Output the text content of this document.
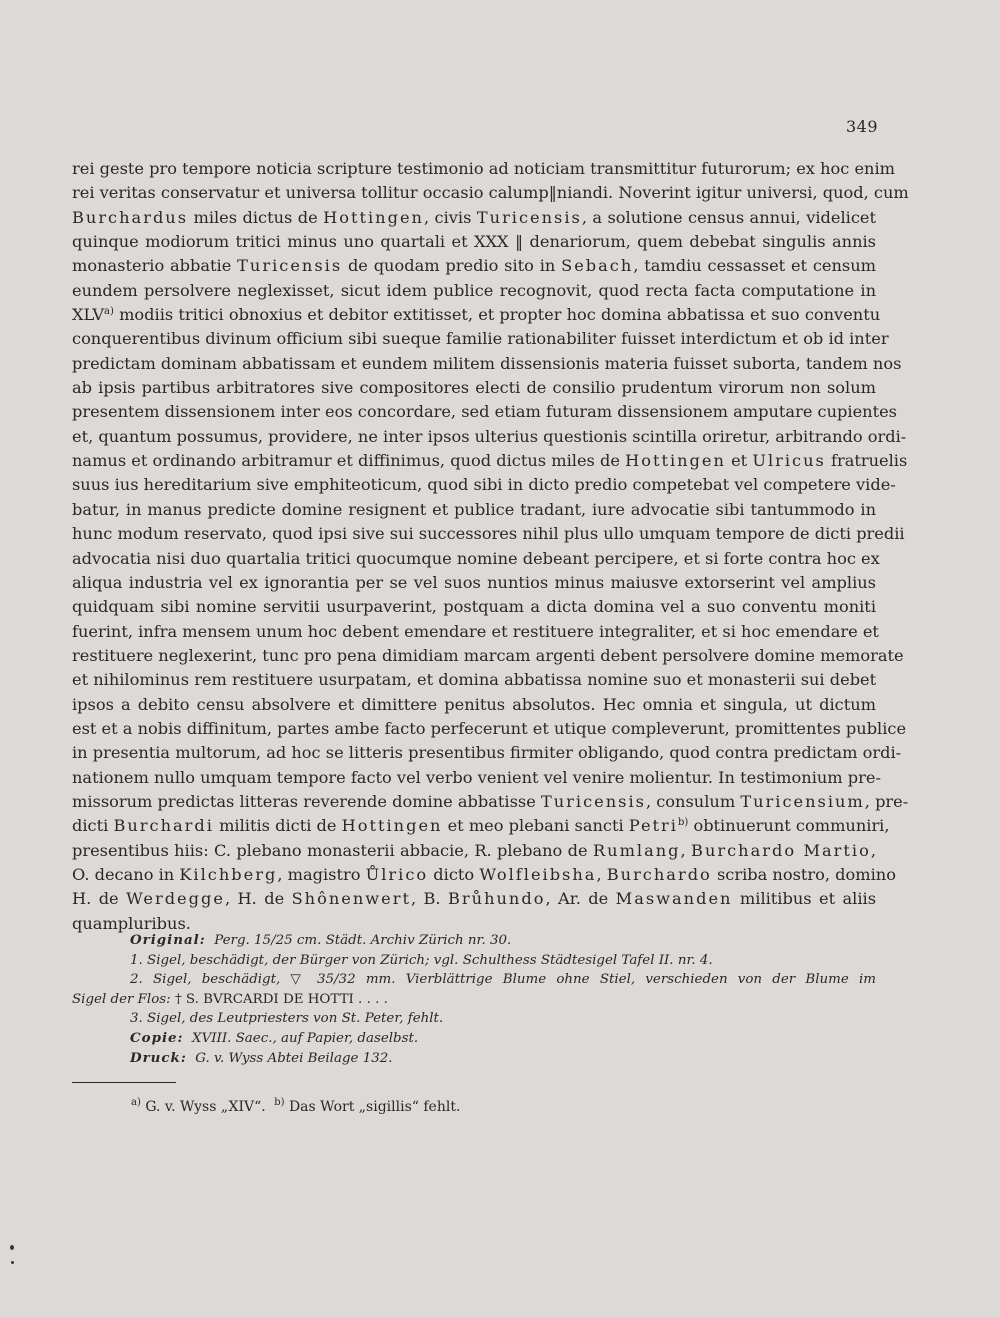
349
rei geste pro tempore noticia scripture testimonio ad noticiam transmittitur futurorum; ex hoc enim
rei veritas conservatur et universa tollitur occasio calump‖niandi. Noverint igitur universi, quod, cum
Burchardus miles dictus de Hottingen, civis Turicensis, a solutione census annui, videlicet
quinque modiorum tritici minus uno quartali et XXX ‖ denariorum, quem debebat singulis annis
monasterio abbatie Turicensis de quodam predio sito in Sebach, tamdiu cessasset et censum
eundem persolvere neglexisset, sicut idem publice recognovit, quod recta facta computatione in
XLV$^{a)}$ modiis tritici obnoxius et debitor extitisset, et propter hoc domina abbatissa et suo conventu
conquerentibus divinum officium sibi sueque familie rationabiliter fuisset interdictum et ob id inter
predictam dominam abbatissam et eundem militem dissensionis materia fuisset suborta, tandem nos
ab ipsis partibus arbitratores sive compositores electi de consilio prudentum virorum non solum
presentem dissensionem inter eos concordare, sed etiam futuram dissensionem amputare cupientes
et, quantum possumus, providere, ne inter ipsos ulterius questionis scintilla oriretur, arbitrando ordi-
namus et ordinando arbitramur et diffinimus, quod dictus miles de Hottingen et Ulricus fratruelis
suus ius hereditarium sive emphiteoticum, quod sibi in dicto predio competebat vel competere vide-
batur, in manus predicte domine resignent et publice tradant, iure advocatie sibi tantummodo in
hunc modum reservato, quod ipsi sive sui successores nihil plus ullo umquam tempore de dicti predii
advocatia nisi duo quartalia tritici quocumque nomine debeant percipere, et si forte contra hoc ex
aliqua industria vel ex ignorantia per se vel suos nuntios minus maiusve extorserint vel amplius
quidquam sibi nomine servitii usurpaverint, postquam a dicta domina vel a suo conventu moniti
fuerint, infra mensem unum hoc debent emendare et restituere integraliter, et si hoc emendare et
restituere neglexerint, tunc pro pena dimidiam marcam argenti debent persolvere domine memorate
et nihilominus rem restituere usurpatam, et domina abbatissa nomine suo et monasterii sui debet
ipsos a debito censu absolvere et dimittere penitus absolutos. Hec omnia et singula, ut dictum
est et a nobis diffinitum, partes ambe facto perfecerunt et utique compleverunt, promittentes publice
in presentia multorum, ad hoc se litteris presentibus firmiter obligando, quod contra predictam ordi-
nationem nullo umquam tempore facto vel verbo venient vel venire molientur. In testimonium pre-
missorum predictas litteras reverende domine abbatisse Turicensis, consulum Turicensium, pre-
dicti Burchardi militis dicti de Hottingen et meo plebani sancti Petri$^{b)}$ obtinuerunt communiri,
presentibus hiis: C. plebano monasterii abbacie, R. plebano de Rumlang, Burchardo Martio,
O. decano in Kilchberg, magistro Ůlrico dicto Wolfleibsha, Burchardo scriba nostro, domino
H. de Werdegge, H. de Shônenwert, B. Brůhundo, Ar. de Maswanden militibus et aliis
quampluribus.
Original: Perg. 15/25 cm. Städt. Archiv Zürich nr. 30.
1. Sigel, beschädigt, der Bürger von Zürich; vgl. Schulthess Städtesigel Tafel II. nr. 4.
2. Sigel, beschädigt, ▽ 35/32 mm. Vierblättrige Blume ohne Stiel, verschieden von der Blume im
Sigel der Flos: † S. BVRCARDI DE HOTTI . . . .
3. Sigel, des Leutpriesters von St. Peter, fehlt.
Copie: XVIII. Saec., auf Papier, daselbst.
Druck: G. v. Wyss Abtei Beilage 132.
$^{a)}$ G. v. Wyss „XIV“. $^{b)}$ Das Wort „sigillis“ fehlt.
